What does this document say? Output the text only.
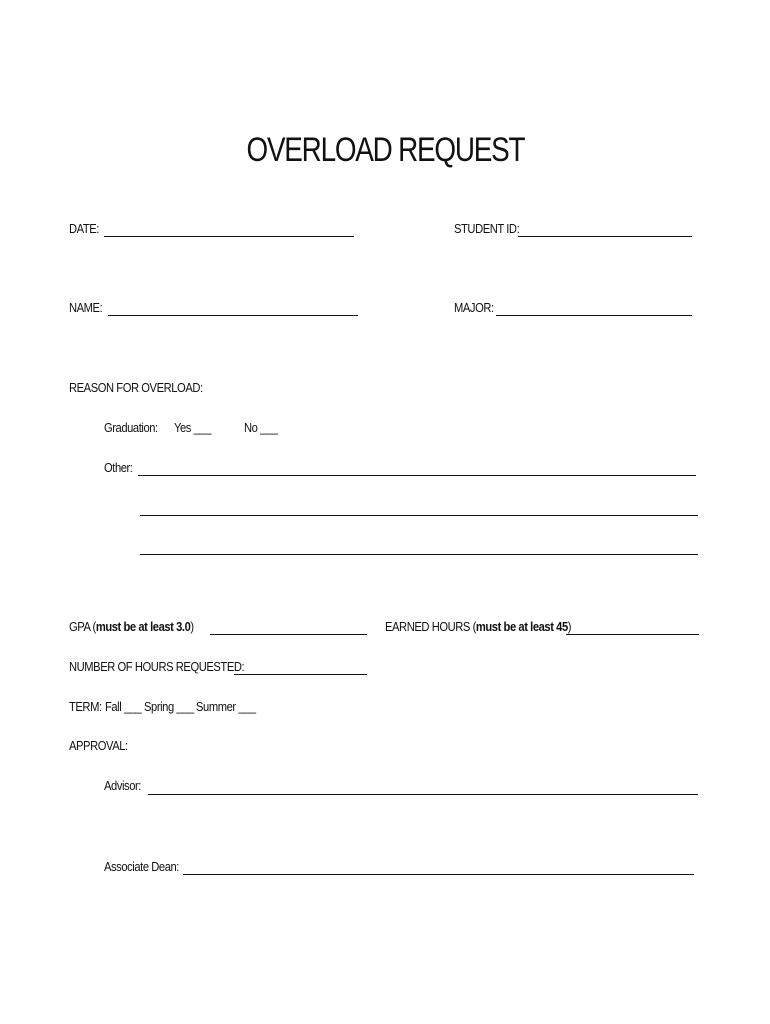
OVERLOAD REQUEST
DATE:	STUDENT ID:
NAME:	MAJOR:
REASON FOR OVERLOAD:
Graduation: Yes ___	No ___
Other:
GPA (must be at least 3.0)	EARNED HOURS (must be at least 45)
NUMBER OF HOURS REQUESTED:
TERM: Fall ___ Spring ___ Summer ___
APPROVAL:
Advisor:
Associate Dean:
